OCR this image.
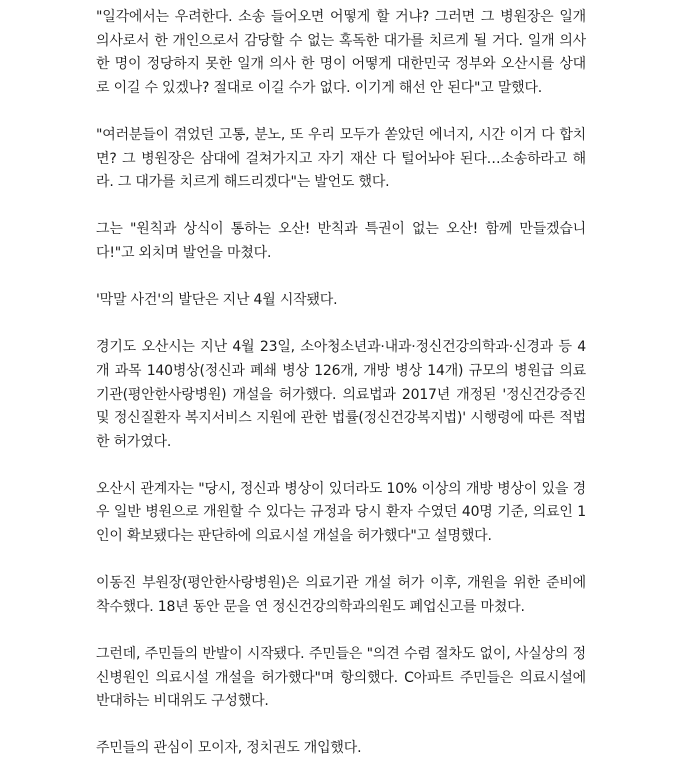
"일각에서는 우려한다. 소송 들어오면 어떻게 할 거냐? 그러면 그 병원장은 일개 의사로서 한 개인으로서 감당할 수 없는 혹독한 대가를 치르게 될 거다. 일개 의사 한 명이 정당하지 못한 일개 의사 한 명이 어떻게 대한민국 정부와 오산시를 상대로 이길 수 있겠나? 절대로 이길 수가 없다. 이기게 해선 안 된다"고 말했다.

"여러분들이 겪었던 고통, 분노, 또 우리 모두가 쏟았던 에너지, 시간 이거 다 합치면? 그 병원장은 삼대에 걸쳐가지고 자기 재산 다 털어놔야 된다…소송하라고 해라. 그 대가를 치르게 해드리겠다"는 발언도 했다.

그는 "원칙과 상식이 통하는 오산! 반칙과 특권이 없는 오산! 함께 만들겠습니다!"고 외치며 발언을 마쳤다.

'막말 사건'의 발단은 지난 4월 시작됐다.

경기도 오산시는 지난 4월 23일, 소아청소년과·내과·정신건강의학과·신경과 등 4개 과목 140병상(정신과 폐쇄 병상 126개, 개방 병상 14개) 규모의 병원급 의료기관(평안한사랑병원) 개설을 허가했다. 의료법과 2017년 개정된 '정신건강증진 및 정신질환자 복지서비스 지원에 관한 법률(정신건강복지법)' 시행령에 따른 적법한 허가였다.

오산시 관계자는 "당시, 정신과 병상이 있더라도 10% 이상의 개방 병상이 있을 경우 일반 병원으로 개원할 수 있다는 규정과 당시 환자 수였던 40명 기준, 의료인 1인이 확보됐다는 판단하에 의료시설 개설을 허가했다"고 설명했다.

이동진 부원장(평안한사랑병원)은 의료기관 개설 허가 이후, 개원을 위한 준비에 착수했다. 18년 동안 문을 연 정신건강의학과의원도 폐업신고를 마쳤다.

그런데, 주민들의 반발이 시작됐다. 주민들은 "의견 수렴 절차도 없이, 사실상의 정신병원인 의료시설 개설을 허가했다"며 항의했다. C아파트 주민들은 의료시설에 반대하는 비대위도 구성했다.

주민들의 관심이 모이자, 정치권도 개입했다.
